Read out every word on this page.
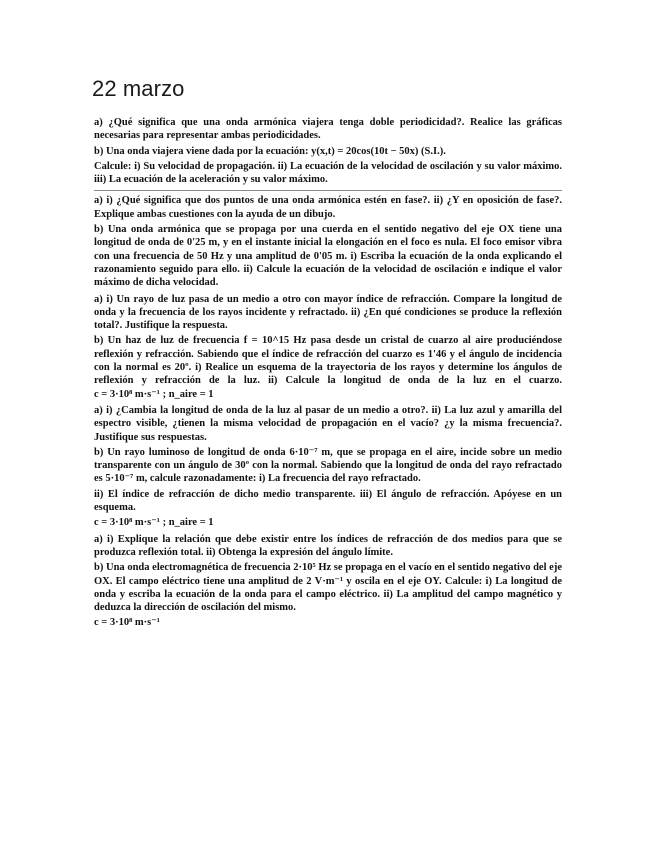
22 marzo

a) ¿Qué significa que una onda armónica viajera tenga doble periodicidad?. Realice las gráficas necesarias para representar ambas periodicidades.

b) Una onda viajera viene dada por la ecuación: y(x,t) = 20cos(10t − 50x) (S.I.).

Calcule: i) Su velocidad de propagación. ii) La ecuación de la velocidad de oscilación y su valor máximo. iii) La ecuación de la aceleración y su valor máximo.

a) i) ¿Qué significa que dos puntos de una onda armónica estén en fase?. ii) ¿Y en oposición de fase?. Explique ambas cuestiones con la ayuda de un dibujo.

b) Una onda armónica que se propaga por una cuerda en el sentido negativo del eje OX tiene una longitud de onda de 0'25 m, y en el instante inicial la elongación en el foco es nula. El foco emisor vibra con una frecuencia de 50 Hz y una amplitud de 0'05 m. i) Escriba la ecuación de la onda explicando el razonamiento seguido para ello. ii) Calcule la ecuación de la velocidad de oscilación e indique el valor máximo de dicha velocidad.

a) i) Un rayo de luz pasa de un medio a otro con mayor índice de refracción. Compare la longitud de onda y la frecuencia de los rayos incidente y refractado. ii) ¿En qué condiciones se produce la reflexión total?. Justifique la respuesta.

b) Un haz de luz de frecuencia f = 10^15 Hz pasa desde un cristal de cuarzo al aire produciéndose reflexión y refracción. Sabiendo que el índice de refracción del cuarzo es 1'46 y el ángulo de incidencia con la normal es 20º. i) Realice un esquema de la trayectoria de los rayos y determine los ángulos de reflexión y refracción de la luz. ii) Calcule la longitud de onda de la luz en el cuarzo. c = 3·10⁸ m·s⁻¹ ; n_aire = 1

a) i) ¿Cambia la longitud de onda de la luz al pasar de un medio a otro?. ii) La luz azul y amarilla del espectro visible, ¿tienen la misma velocidad de propagación en el vacío? ¿y la misma frecuencia?. Justifique sus respuestas.

b) Un rayo luminoso de longitud de onda 6·10⁻⁷ m, que se propaga en el aire, incide sobre un medio transparente con un ángulo de 30º con la normal. Sabiendo que la longitud de onda del rayo refractado es 5·10⁻⁷ m, calcule razonadamente: i) La frecuencia del rayo refractado.

ii) El índice de refracción de dicho medio transparente. iii) El ángulo de refracción. Apóyese en un esquema.

c = 3·10⁸ m·s⁻¹ ; n_aire = 1

a) i) Explique la relación que debe existir entre los índices de refracción de dos medios para que se produzca reflexión total. ii) Obtenga la expresión del ángulo límite.

b) Una onda electromagnética de frecuencia 2·10⁵ Hz se propaga en el vacío en el sentido negativo del eje OX. El campo eléctrico tiene una amplitud de 2 V·m⁻¹ y oscila en el eje OY. Calcule: i) La longitud de onda y escriba la ecuación de la onda para el campo eléctrico. ii) La amplitud del campo magnético y deduzca la dirección de oscilación del mismo.

c = 3·10⁸ m·s⁻¹
